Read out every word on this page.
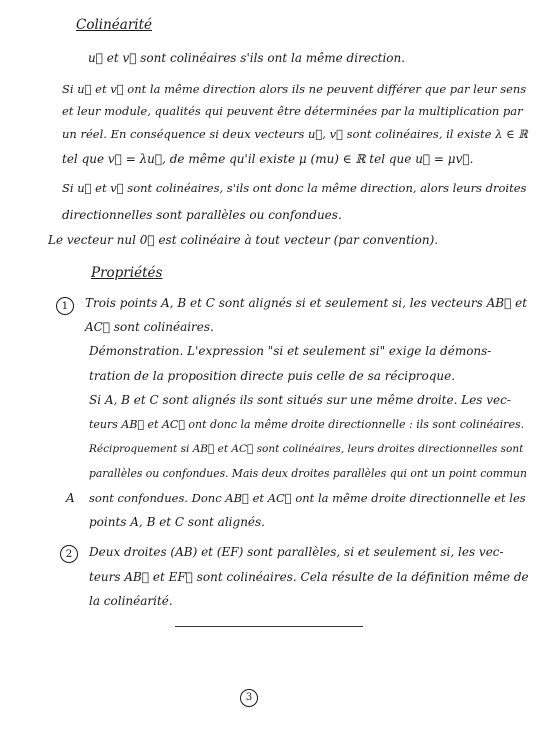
Colinéarité
u⃗ et v⃗ sont colinéaires s'ils ont la même direction.
Si u⃗ et v⃗ ont la même direction alors ils ne peuvent différer que par leur sens
et leur module, qualités qui peuvent être déterminées par la multiplication par
un réel. En conséquence si deux vecteurs u⃗, v⃗ sont colinéaires, il existe λ ∈ ℝ
tel que v⃗ = λu⃗, de même qu'il existe μ (mu) ∈ ℝ tel que u⃗ = μv⃗.
Si u⃗ et v⃗ sont colinéaires, s'ils ont donc la même direction, alors leurs droites
directionnelles sont parallèles ou confondues.
Le vecteur nul 0⃗ est colinéaire à tout vecteur (par convention).
Propriétés
1	Trois points A, B et C sont alignés si et seulement si, les vecteurs AB⃗ et
AC⃗ sont colinéaires.
Démonstration. L'expression "si et seulement si" exige la démons-
tration de la proposition directe puis celle de sa réciproque.
Si A, B et C sont alignés ils sont situés sur une même droite. Les vec-
teurs AB⃗ et AC⃗ ont donc la même droite directionnelle : ils sont colinéaires.
Réciproquement si AB⃗ et AC⃗ sont colinéaires, leurs droites directionnelles sont
parallèles ou confondues. Mais deux droites parallèles qui ont un point commun
A sont confondues. Donc AB⃗ et AC⃗ ont la même droite directionnelle et les
points A, B et C sont alignés.
2	Deux droites (AB) et (EF) sont parallèles, si et seulement si, les vec-
teurs AB⃗ et EF⃗ sont colinéaires. Cela résulte de la définition même de
la colinéarité.
3
